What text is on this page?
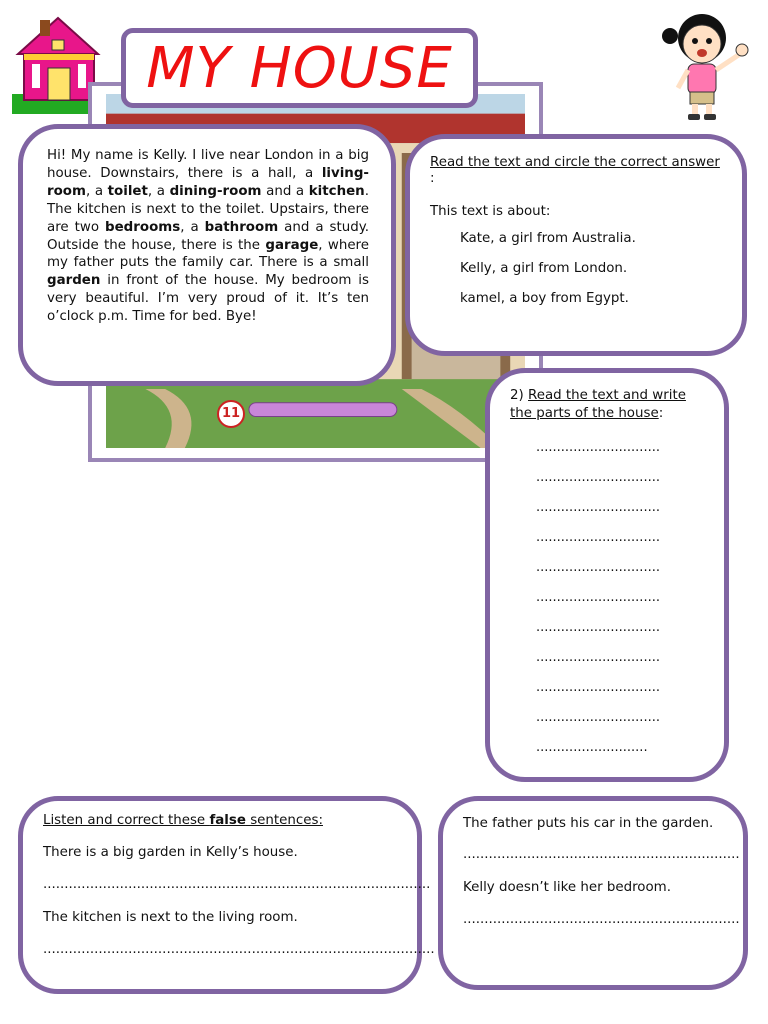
11
MY HOUSE
Hi! My name is Kelly. I live near London in a big house. Downstairs, there is a hall, a living-room, a toilet, a dining-room and a kitchen. The kitchen is next to the toilet. Upstairs, there are two bedrooms, a bathroom and a study. Outside the house, there is the garage, where my father puts the family car. There is a small garden in front of the house. My bedroom is very beautiful. I’m very proud of it. It’s ten o’clock p.m. Time for bed. Bye!

Read the text and circle the correct answer :

This text is about:

Kate, a girl from Australia.

Kelly, a girl from London.

kamel, a boy from Egypt.

2) Read the text and write the parts of the house:

..............................

..............................

..............................

..............................

..............................

..............................

..............................

..............................

..............................

..............................

...........................

Listen and correct these false sentences:

There is a big garden in Kelly’s house.

...........................................................................................

The kitchen is next to the living room.

............................................................................................

The father puts his car in the garden.

.................................................................

Kelly doesn’t like her bedroom.

.................................................................
